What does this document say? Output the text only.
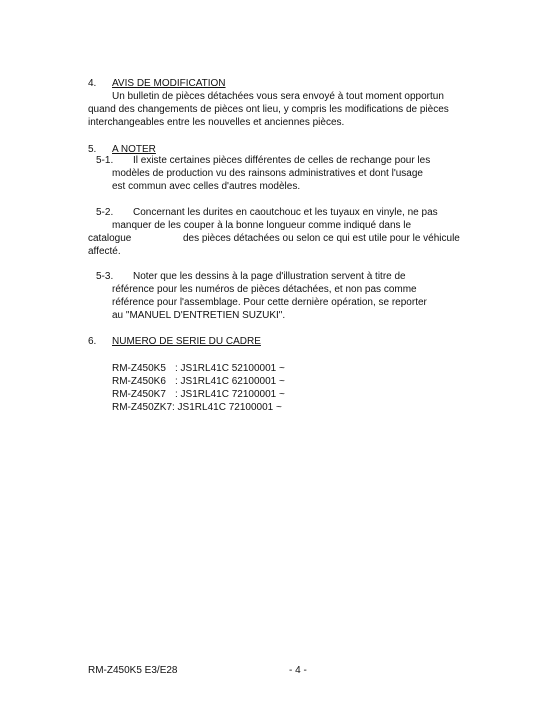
4. AVIS DE MODIFICATION
Un bulletin de pièces détachées vous sera envoyé à tout moment opportun
quand des changements de pièces ont lieu, y compris les modifications de pièces
interchangeables entre les nouvelles et anciennes pièces.
5. A NOTER
5-1. Il existe certaines pièces différentes de celles de rechange pour les
modèles de production vu des rainsons administratives et dont l'usage
est commun avec celles d'autres modèles.
5-2. Concernant les durites en caoutchouc et les tuyaux en vinyle, ne pas
manquer de les couper à la bonne longueur comme indiqué dans le
catalogue	des pièces détachées ou selon ce qui est utile pour le véhicule
affecté.
5-3. Noter que les dessins à la page d'illustration servent à titre de
référence pour les numéros de pièces détachées, et non pas comme
référence pour l'assemblage. Pour cette dernière opération, se reporter
au "MANUEL D'ENTRETIEN SUZUKI".
6. NUMERO DE SERIE DU CADRE
RM-Z450K5 : JS1RL41C 52100001 ~
RM-Z450K6 : JS1RL41C 62100001 ~
RM-Z450K7 : JS1RL41C 72100001 ~
RM-Z450ZK7 : JS1RL41C 72100001 ~
RM-Z450K5 E3/E28	- 4 -
